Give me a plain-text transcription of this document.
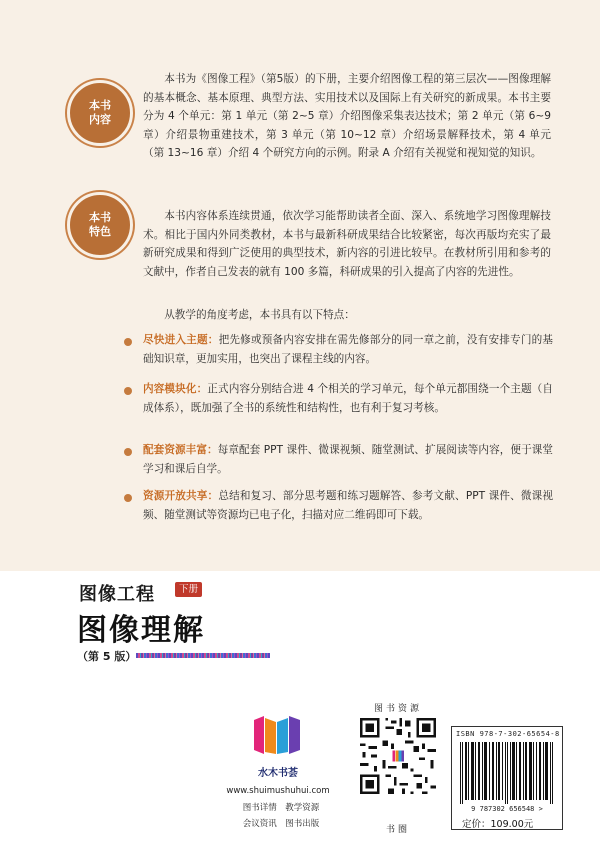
本书
内容

本书为《图像工程》（第5版）的下册，主要介绍图像工程的第三层次——图像理解的基本概念、基本原理、典型方法、实用技术以及国际上有关研究的新成果。本书主要分为 4 个单元：第 1 单元（第 2~5 章）介绍图像采集表达技术；第 2 单元（第 6~9 章）介绍景物重建技术，第 3 单元（第 10~12 章）介绍场景解释技术，第 4 单元（第 13~16 章）介绍 4 个研究方向的示例。附录 A 介绍有关视觉和视知觉的知识。

本书
特色

本书内容体系连续贯通，依次学习能帮助读者全面、深入、系统地学习图像理解技术。相比于国内外同类教材，本书与最新科研成果结合比较紧密，每次再版均充实了最新研究成果和得到广泛使用的典型技术，新内容的引进比较早。在教材所引用和参考的文献中，作者自己发表的就有 100 多篇，科研成果的引入提高了内容的先进性。

从教学的角度考虑，本书具有以下特点：

尽快进入主题：把先修或预备内容安排在需先修部分的同一章之前，没有安排专门的基础知识章，更加实用，也突出了课程主线的内容。

内容模块化：正式内容分别结合进 4 个相关的学习单元，每个单元都围绕一个主题（自成体系），既加强了全书的系统性和结构性，也有利于复习考核。

配套资源丰富：每章配套 PPT 课件、微课视频、随堂测试、扩展阅读等内容，便于课堂学习和课后自学。

资源开放共享：总结和复习、部分思考题和练习题解答、参考文献、PPT 课件、微课视频、随堂测试等资源均已电子化，扫描对应二维码即可下载。

图像工程	下册
图像理解
（第 5 版）
水木书荟
www.shuimushuhui.com
图书详情　教学资源
会议资讯　图书出版
图书资源
书圈
ISBN 978-7-302-65654-8
9 787302 656548 >
定价：109.00元
